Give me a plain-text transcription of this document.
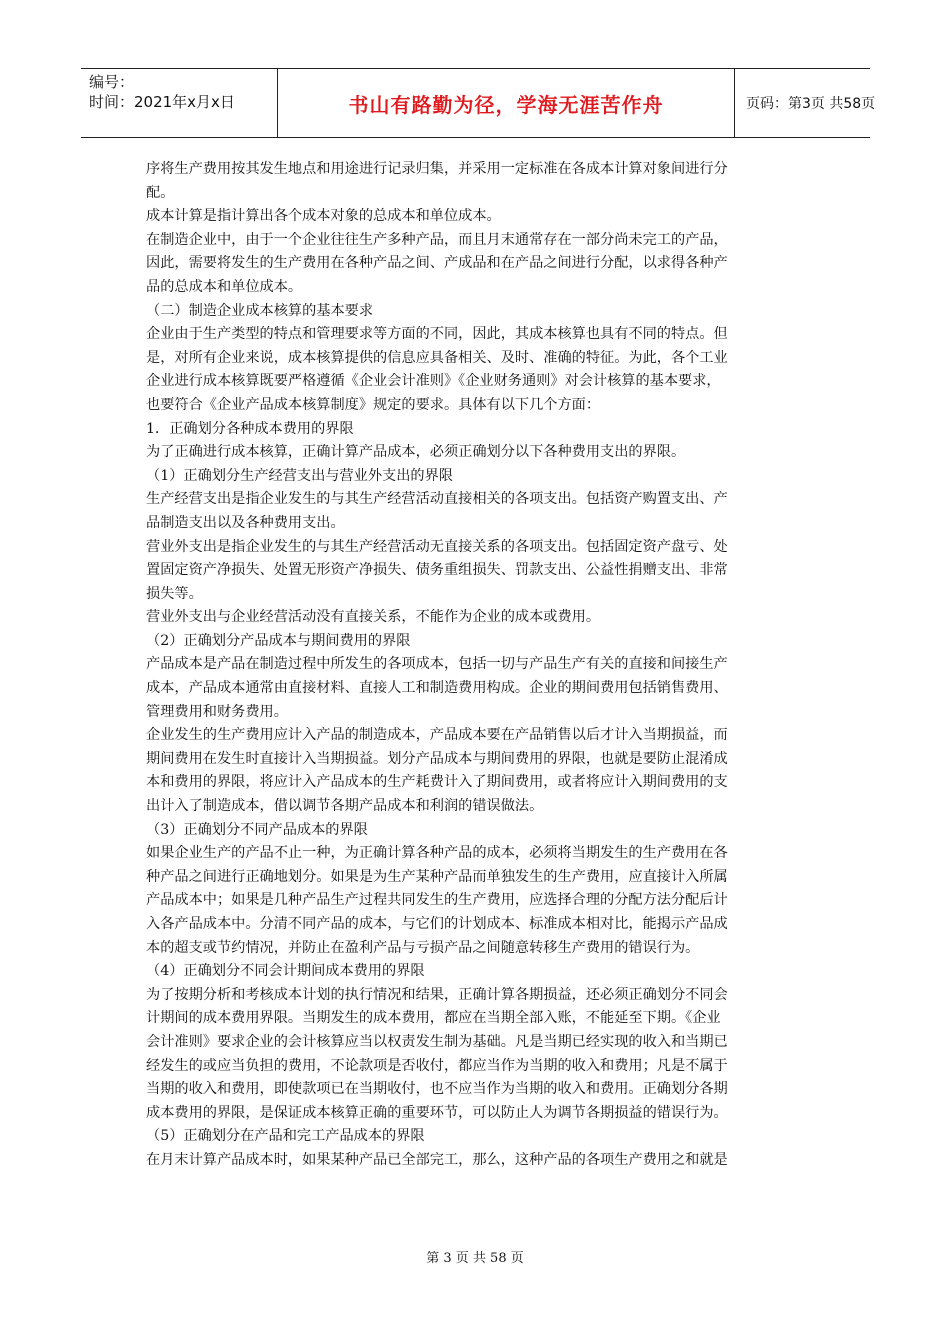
编号：
时间：2021年x月x日	书山有路勤为径，学海无涯苦作舟	页码：第3页 共58页
序将生产费用按其发生地点和用途进行记录归集，并采用一定标准在各成本计算对象间进行分
配。
成本计算是指计算出各个成本对象的总成本和单位成本。
在制造企业中，由于一个企业往往生产多种产品，而且月末通常存在一部分尚未完工的产品，
因此，需要将发生的生产费用在各种产品之间、产成品和在产品之间进行分配，以求得各种产
品的总成本和单位成本。
（二）制造企业成本核算的基本要求
企业由于生产类型的特点和管理要求等方面的不同，因此，其成本核算也具有不同的特点。但
是，对所有企业来说，成本核算提供的信息应具备相关、及时、准确的特征。为此，各个工业
企业进行成本核算既要严格遵循《企业会计准则》《企业财务通则》对会计核算的基本要求，
也要符合《企业产品成本核算制度》规定的要求。具体有以下几个方面：
1．正确划分各种成本费用的界限
为了正确进行成本核算，正确计算产品成本，必须正确划分以下各种费用支出的界限。
（1）正确划分生产经营支出与营业外支出的界限
生产经营支出是指企业发生的与其生产经营活动直接相关的各项支出。包括资产购置支出、产
品制造支出以及各种费用支出。
营业外支出是指企业发生的与其生产经营活动无直接关系的各项支出。包括固定资产盘亏、处
置固定资产净损失、处置无形资产净损失、债务重组损失、罚款支出、公益性捐赠支出、非常
损失等。
营业外支出与企业经营活动没有直接关系，不能作为企业的成本或费用。
（2）正确划分产品成本与期间费用的界限
产品成本是产品在制造过程中所发生的各项成本，包括一切与产品生产有关的直接和间接生产
成本，产品成本通常由直接材料、直接人工和制造费用构成。企业的期间费用包括销售费用、
管理费用和财务费用。
企业发生的生产费用应计入产品的制造成本，产品成本要在产品销售以后才计入当期损益，而
期间费用在发生时直接计入当期损益。划分产品成本与期间费用的界限，也就是要防止混淆成
本和费用的界限，将应计入产品成本的生产耗费计入了期间费用，或者将应计入期间费用的支
出计入了制造成本，借以调节各期产品成本和利润的错误做法。
（3）正确划分不同产品成本的界限
如果企业生产的产品不止一种，为正确计算各种产品的成本，必须将当期发生的生产费用在各
种产品之间进行正确地划分。如果是为生产某种产品而单独发生的生产费用，应直接计入所属
产品成本中；如果是几种产品生产过程共同发生的生产费用，应选择合理的分配方法分配后计
入各产品成本中。分清不同产品的成本，与它们的计划成本、标准成本相对比，能揭示产品成
本的超支或节约情况，并防止在盈利产品与亏损产品之间随意转移生产费用的错误行为。
（4）正确划分不同会计期间成本费用的界限
为了按期分析和考核成本计划的执行情况和结果，正确计算各期损益，还必须正确划分不同会
计期间的成本费用界限。当期发生的成本费用，都应在当期全部入账，不能延至下期。《企业
会计准则》要求企业的会计核算应当以权责发生制为基础。凡是当期已经实现的收入和当期已
经发生的或应当负担的费用，不论款项是否收付，都应当作为当期的收入和费用；凡是不属于
当期的收入和费用，即使款项已在当期收付，也不应当作为当期的收入和费用。正确划分各期
成本费用的界限，是保证成本核算正确的重要环节，可以防止人为调节各期损益的错误行为。
（5）正确划分在产品和完工产品成本的界限
在月末计算产品成本时，如果某种产品已全部完工，那么，这种产品的各项生产费用之和就是
第 3 页 共 58 页
